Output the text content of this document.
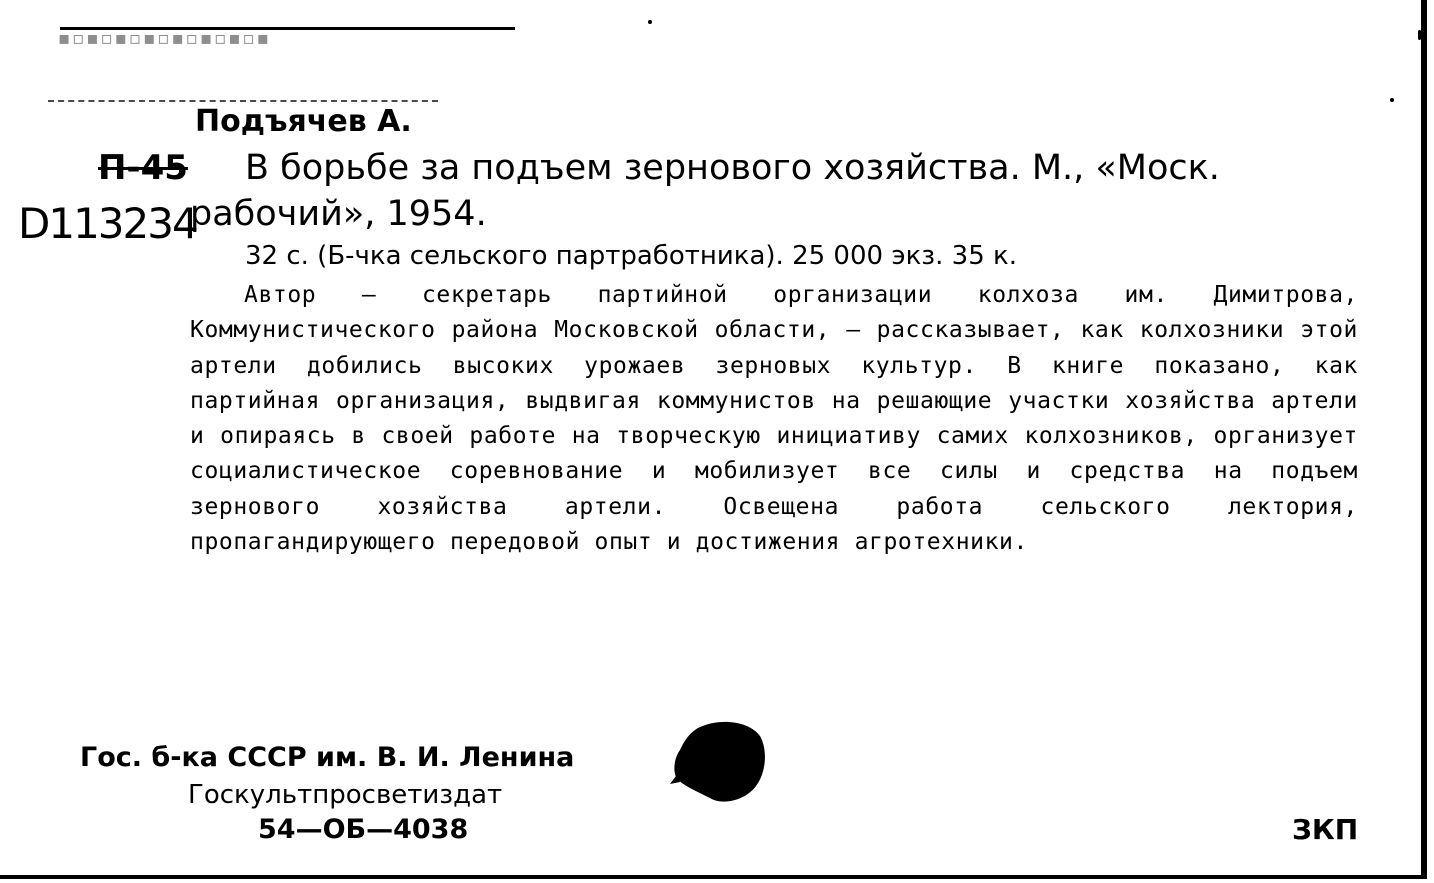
▪▫▪▫▪▫▪▫▪▫▪▫▪▫▪
Подъячев А.
П-45
D113234
В борьбе за подъем зернового хозяйства. М., «Моск.
рабочий», 1954.
32 с. (Б-чка сельского партработника). 25 000 экз. 35 к.
Автор — секретарь партийной организации колхоза им. Димитрова, Коммунистического района Московской области, — рассказывает, как колхозники этой артели добились высоких урожаев зерновых культур. В книге показано, как партийная организация, выдвигая коммунистов на решающие участки хозяйства артели и опираясь в своей работе на творческую инициативу самих колхозников, организует социалистическое соревнование и мобилизует все силы и средства на подъем зернового хозяйства артели. Освещена работа сельского лектория, пропагандирующего передовой опыт и достижения агротехники.
Гос. б-ка СССР им. В. И. Ленина
Госкультпросветиздат
54—ОБ—4038	ЗКП
